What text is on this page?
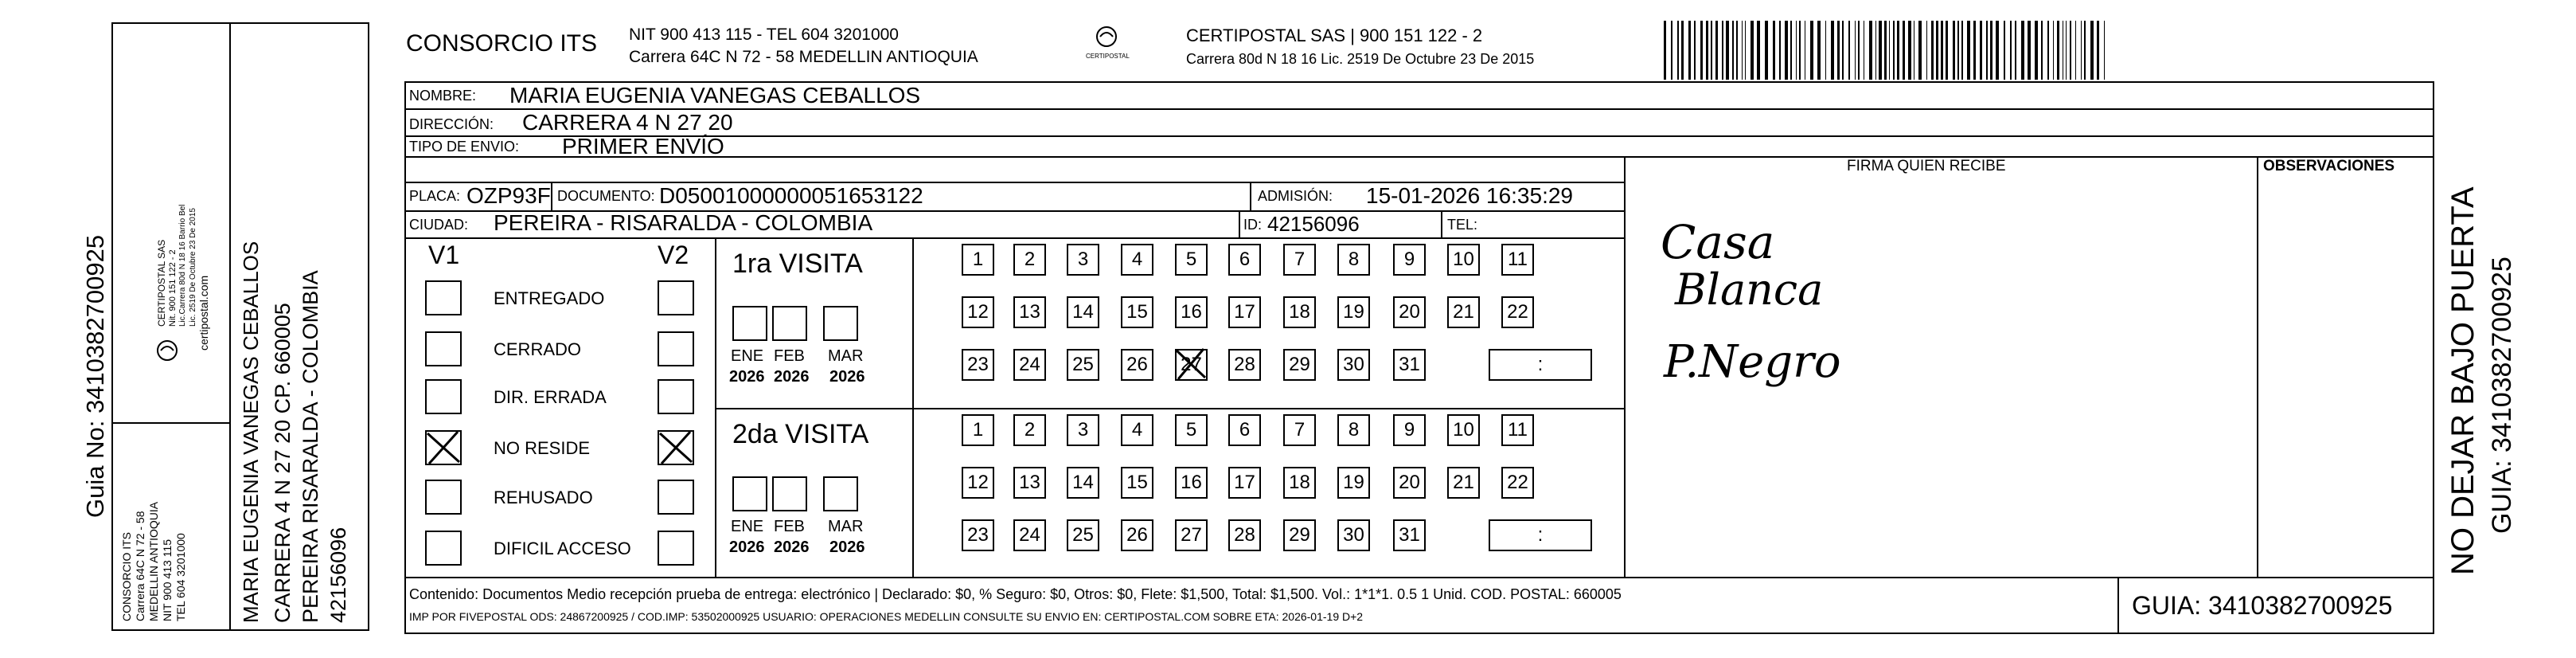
Guia No: 3410382700925
CONSORCIO ITS Carrera 64C N 72 - 58 MEDELLIN ANTIOQUIA NIT 900 413 115 TEL 604 3201000
CERTIPOSTAL SAS Nit. 900 151 122 - 2 Lic.Carrera 80d N 18 16 Barrio Bel Lic. 2519 De Octubre 23 De 2015 certipostal.com MARIA EUGENIA VANEGAS CEBALLOS CARRERA 4 N 27 20 CP. 660005 PEREIRA RISARALDA - COLOMBIA 42156096
CONSORCIO ITS NIT 900 413 115 - TEL 604 3201000
Carrera 64C N 72 - 58 MEDELLIN ANTIOQUIA	CERTIPOSTAL
CERTIPOSTAL SAS | 900 151 122 - 2
Carrera 80d N 18 16 Lic. 2519 De Octubre 23 De 2015
NOMBRE: MARIA EUGENIA VANEGAS CEBALLOS
DIRECCIÓN: CARRERA 4 N 27 20
TIPO DE ENVIO: PRIMER ENVÍO
PLACA: OZP93F DOCUMENTO: D05001000000051653122	ADMISIÓN: 15-01-2026 16:35:29
CIUDAD: PEREIRA - RISARALDA - COLOMBIA	ID: 42156096	TEL:
V1	V2
ENTREGADO
CERRADO
DIR. ERRADA
NO RESIDE
REHUSADO
DIFICIL ACCESO
1ra VISITA
2da VISITA
ENE
2026
FEB
2026
MAR
2026
1	2	3	4	5	6	7	8	9	10	11
12 13 14 15 16 17 18 19 20 21 22
23 24 25 26 27 28 29 30 31	:
ENE
2026
FEB
2026
MAR
2026
1	2	3	4	5	6	7	8	9	10	11
12 13 14 15 16 17 18 19 20 21 22
23 24 25 26 27 28 29 30 31	:
FIRMA QUIEN RECIBE	OBSERVACIONES
Casa
Blanca
P.Negro
Contenido: Documentos Medio recepción prueba de entrega: electrónico | Declarado: $0, % Seguro: $0, Otros: $0, Flete: $1,500, Total: $1,500. Vol.: 1*1*1. 0.5 1 Unid. COD. POSTAL: 660005
IMP POR FIVEPOSTAL ODS: 24867200925 / COD.IMP: 53502000925 USUARIO: OPERACIONES MEDELLIN CONSULTE SU ENVIO EN: CERTIPOSTAL.COM SOBRE ETA: 2026-01-19 D+2	GUIA: 3410382700925
NO DEJAR BAJO PUERTA GUIA: 3410382700925
